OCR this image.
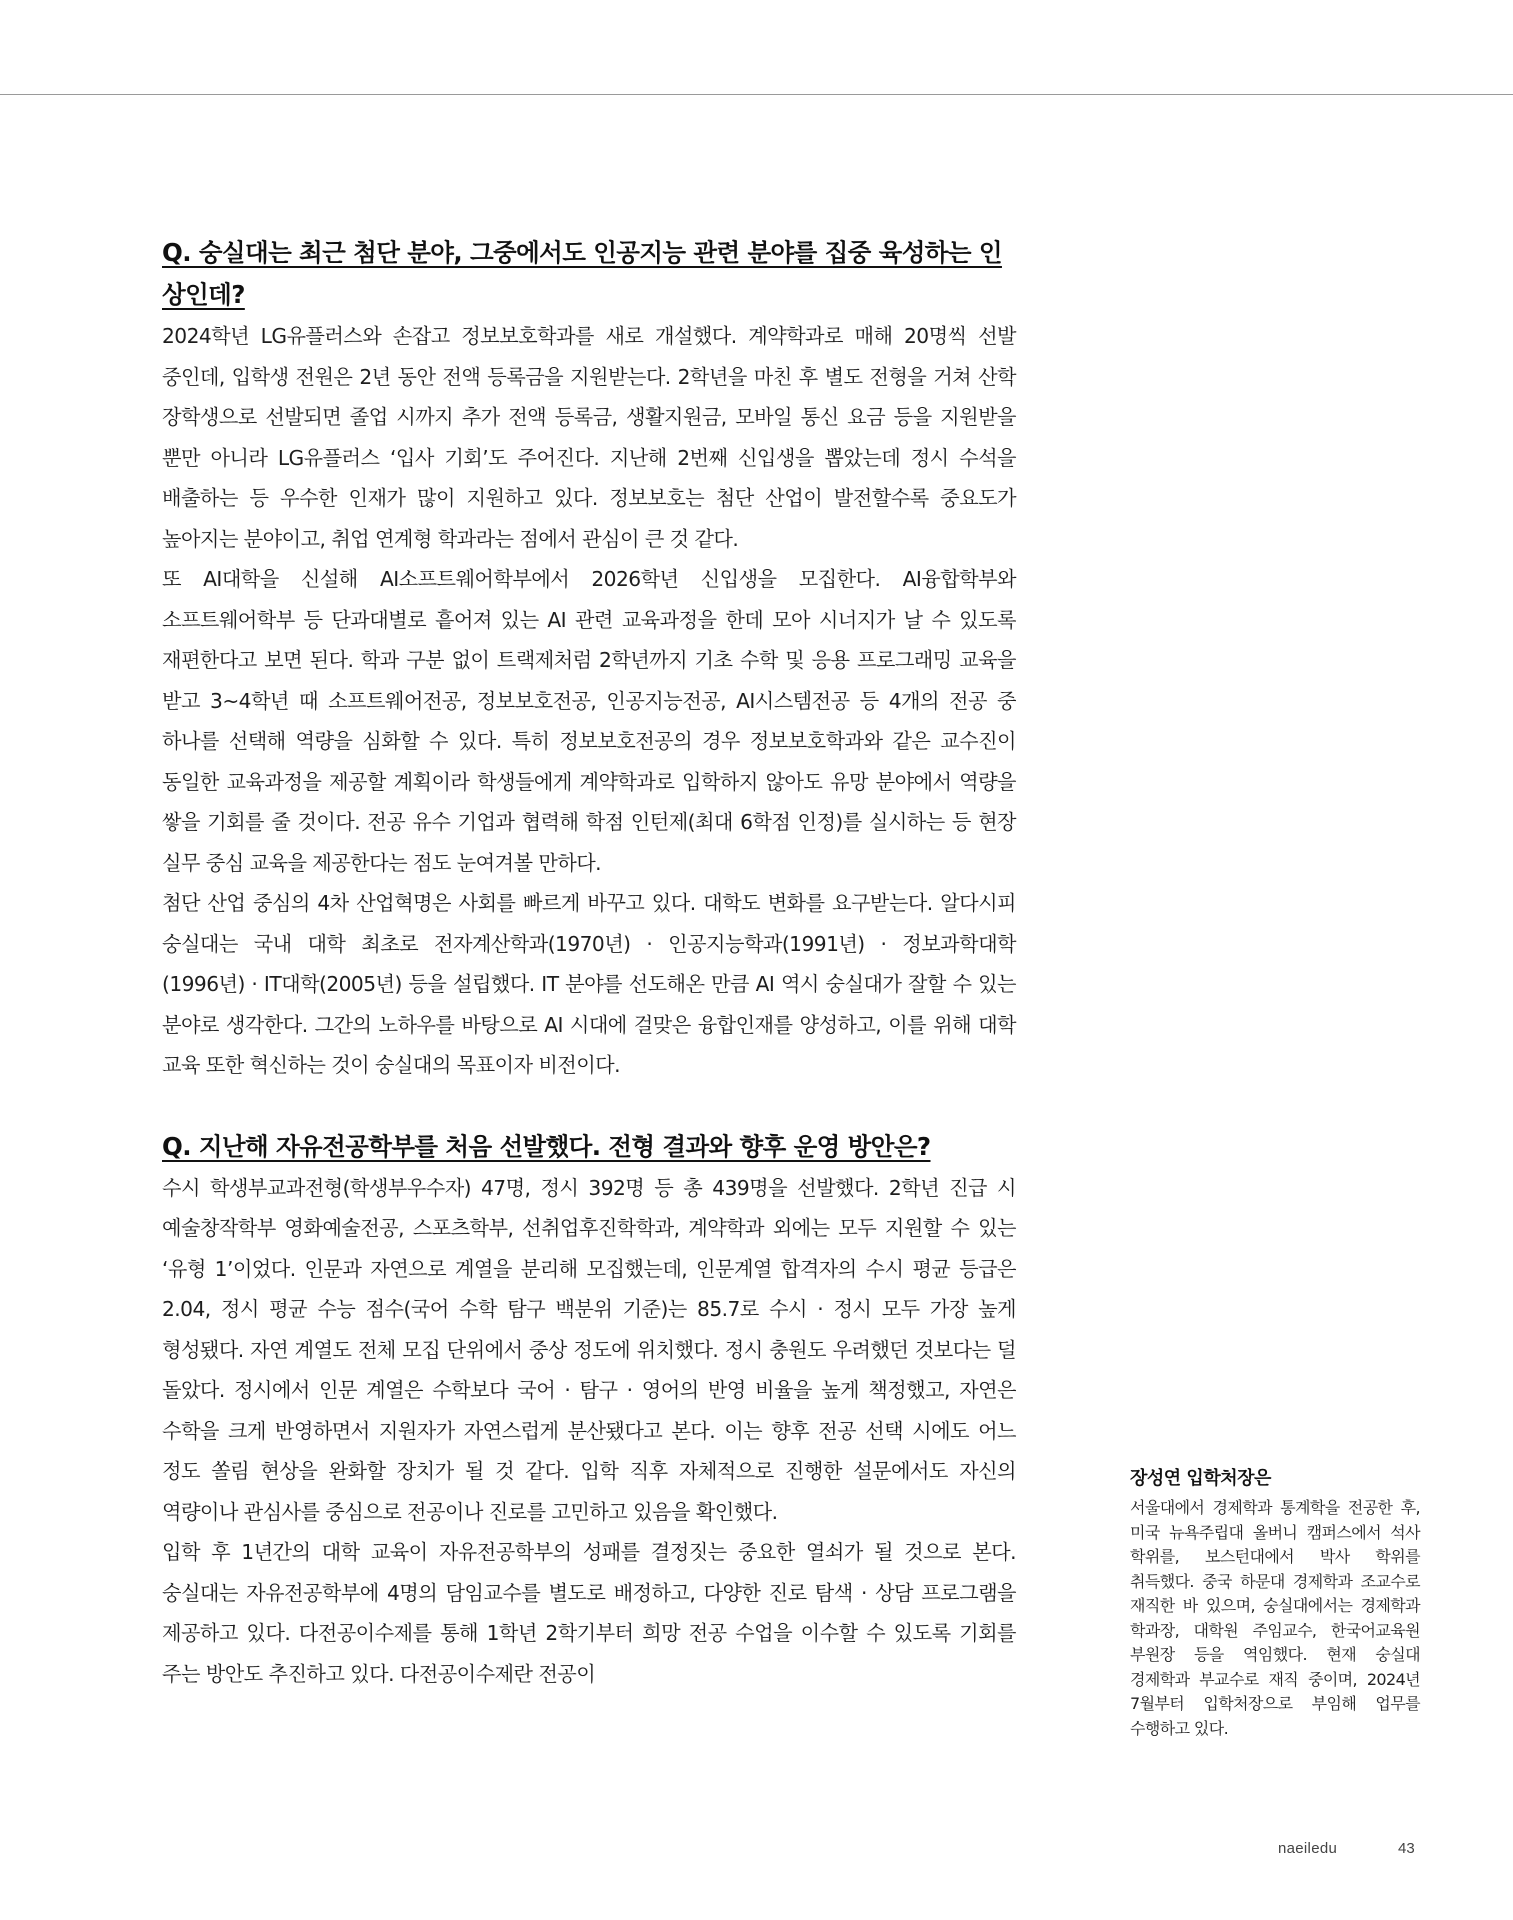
Q. 숭실대는 최근 첨단 분야, 그중에서도 인공지능 관련 분야를 집중 육성하는 인상인데?

2024학년 LG유플러스와 손잡고 정보보호학과를 새로 개설했다. 계약학과로 매해 20명씩 선발 중인데, 입학생 전원은 2년 동안 전액 등록금을 지원받는다. 2학년을 마친 후 별도 전형을 거쳐 산학 장학생으로 선발되면 졸업 시까지 추가 전액 등록금, 생활지원금, 모바일 통신 요금 등을 지원받을 뿐만 아니라 LG유플러스 ‘입사 기회’도 주어진다. 지난해 2번째 신입생을 뽑았는데 정시 수석을 배출하는 등 우수한 인재가 많이 지원하고 있다. 정보보호는 첨단 산업이 발전할수록 중요도가 높아지는 분야이고, 취업 연계형 학과라는 점에서 관심이 큰 것 같다.

또 AI대학을 신설해 AI소프트웨어학부에서 2026학년 신입생을 모집한다. AI융합학부와 소프트웨어학부 등 단과대별로 흩어져 있는 AI 관련 교육과정을 한데 모아 시너지가 날 수 있도록 재편한다고 보면 된다. 학과 구분 없이 트랙제처럼 2학년까지 기초 수학 및 응용 프로그래밍 교육을 받고 3~4학년 때 소프트웨어전공, 정보보호전공, 인공지능전공, AI시스템전공 등 4개의 전공 중 하나를 선택해 역량을 심화할 수 있다. 특히 정보보호전공의 경우 정보보호학과와 같은 교수진이 동일한 교육과정을 제공할 계획이라 학생들에게 계약학과로 입학하지 않아도 유망 분야에서 역량을 쌓을 기회를 줄 것이다. 전공 유수 기업과 협력해 학점 인턴제(최대 6학점 인정)를 실시하는 등 현장 실무 중심 교육을 제공한다는 점도 눈여겨볼 만하다.

첨단 산업 중심의 4차 산업혁명은 사회를 빠르게 바꾸고 있다. 대학도 변화를 요구받는다. 알다시피 숭실대는 국내 대학 최초로 전자계산학과(1970년) · 인공지능학과(1991년) · 정보과학대학(1996년) · IT대학(2005년) 등을 설립했다. IT 분야를 선도해온 만큼 AI 역시 숭실대가 잘할 수 있는 분야로 생각한다. 그간의 노하우를 바탕으로 AI 시대에 걸맞은 융합인재를 양성하고, 이를 위해 대학 교육 또한 혁신하는 것이 숭실대의 목표이자 비전이다.

Q. 지난해 자유전공학부를 처음 선발했다. 전형 결과와 향후 운영 방안은?

수시 학생부교과전형(학생부우수자) 47명, 정시 392명 등 총 439명을 선발했다. 2학년 진급 시 예술창작학부 영화예술전공, 스포츠학부, 선취업후진학학과, 계약학과 외에는 모두 지원할 수 있는 ‘유형 1’이었다. 인문과 자연으로 계열을 분리해 모집했는데, 인문계열 합격자의 수시 평균 등급은 2.04, 정시 평균 수능 점수(국어 수학 탐구 백분위 기준)는 85.7로 수시 · 정시 모두 가장 높게 형성됐다. 자연 계열도 전체 모집 단위에서 중상 정도에 위치했다. 정시 충원도 우려했던 것보다는 덜 돌았다. 정시에서 인문 계열은 수학보다 국어 · 탐구 · 영어의 반영 비율을 높게 책정했고, 자연은 수학을 크게 반영하면서 지원자가 자연스럽게 분산됐다고 본다. 이는 향후 전공 선택 시에도 어느 정도 쏠림 현상을 완화할 장치가 될 것 같다. 입학 직후 자체적으로 진행한 설문에서도 자신의 역량이나 관심사를 중심으로 전공이나 진로를 고민하고 있음을 확인했다.

입학 후 1년간의 대학 교육이 자유전공학부의 성패를 결정짓는 중요한 열쇠가 될 것으로 본다. 숭실대는 자유전공학부에 4명의 담임교수를 별도로 배정하고, 다양한 진로 탐색 · 상담 프로그램을 제공하고 있다. 다전공이수제를 통해 1학년 2학기부터 희망 전공 수업을 이수할 수 있도록 기회를 주는 방안도 추진하고 있다. 다전공이수제란 전공이

장성연 입학처장은

서울대에서 경제학과 통계학을 전공한 후, 미국 뉴욕주립대 올버니 캠퍼스에서 석사 학위를, 보스턴대에서 박사 학위를 취득했다. 중국 하문대 경제학과 조교수로 재직한 바 있으며, 숭실대에서는 경제학과 학과장, 대학원 주임교수, 한국어교육원 부원장 등을 역임했다. 현재 숭실대 경제학과 부교수로 재직 중이며, 2024년 7월부터 입학처장으로 부임해 업무를 수행하고 있다.

naeiledu	43
